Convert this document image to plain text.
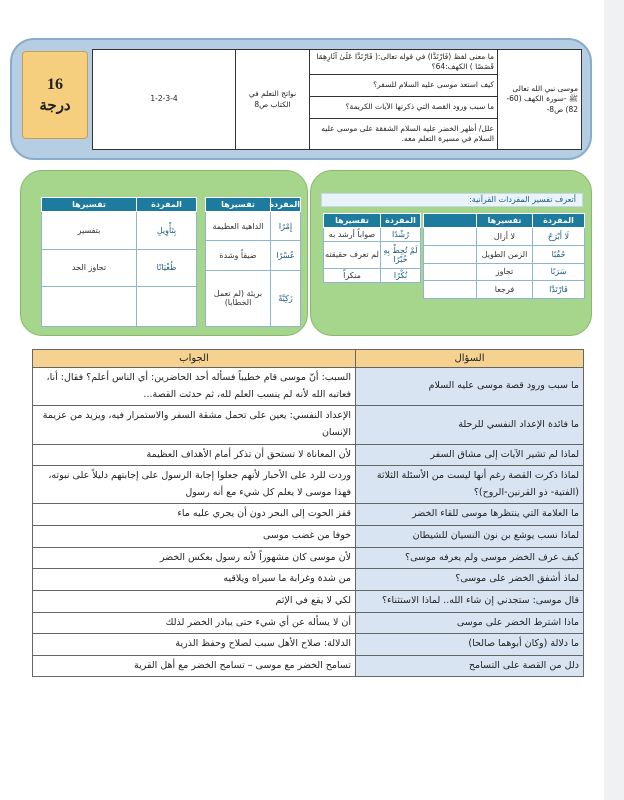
16
درجة
موسى نبي الله تعالى ﷺ -سورة الكهف (60-82) ص8-	ما معنى لفظ (فَارْتَدَّا) في قوله تعالى:( فَارْتَدَّا عَلَىٰ آثَارِهِمَا قَصَصًا ) الكهف:64؟	نواتج التعلم في الكتاب ص8	1-2-3-4
كيف استعد موسى عليه السلام للسفر؟
ما سبب ورود القصة التي ذكرتها الآيات الكريمة؟
علل/ أظهر الخضر عليه السلام الشفقة على موسى عليه السلام في مسيرة التعلم معه.
المفردة	تفسيرها
إِمْرًا	الداهية العظيمة
عُسْرًا	ضيقاً وشدة
زَكِيَّةً	بريئة (لم تعمل الخطايا)
المفردة	تفسيرها
بِتَأْوِيلِ	بتفسير
طُغْيَانًا	تجاوز الحد

أتعرف تفسير المفردات القرآنية:
المفردة	تفسيرها	
لَا أَبْرَحُ	لا أزال	
حُقُبًا	الزمن الطويل	
سَرَبًا	تجاوز	
فَارْتَدَّا	فرجعا	
المفردة	تفسيرها
رُشْدًا	صواباً أرشد به
لَمْ تُحِطْ بِهِ خُبْرًا	لم تعرف حقيقته
نُكْرًا	منكراً
السؤال	الجواب
ما سبب ورود قصة موسى عليه السلام	السبب: أنّ موسى قام خطيباً فسأله أحد الحاضرين: أي الناس أعلم؟ فقال: أنا، فعاتبه الله لأنه لم ينسب العلم لله، ثم حدثت القصة...
ما فائدة الإعداد النفسي للرحلة	الإعداد النفسي: يعين على تحمل مشقة السفر والاستمرار فيه، ويزيد من عزيمة الإنسان
لماذا لم تشير الآيات إلى مشاق السفر	لأن المعاناة لا تستحق أن تذكر أمام الأهداف العظيمة
لماذا ذكرت القصة رغم أنها ليست من الأسئلة الثلاثة (الفتية- ذو القرنين-الروح)؟	وردت للرد على الأحبار لأنهم جعلوا إجابة الرسول على إجابتهم دليلاً على نبوته، فهذا موسى لا يعلم كل شيء مع أنه رسول
ما العلامة التي ينتظرها موسى للقاء الخضر	قفز الحوت إلى البحر دون أن يجري عليه ماء
لماذا نسب يوشع بن نون النسيان للشيطان	خوفا من غضب موسى
كيف عرف الخضر موسى ولم يعرفه موسى؟	لأن موسى كان مشهوراً لأنه رسول بعكس الخضر
لماذ أشفق الخضر على موسى؟	من شدة وغرابة ما سيراه ويلاقيه
قال موسى: ستجدني إن شاء الله.. لماذا الاستثناء؟	لكي لا يقع في الإثم
ماذا اشترط الخضر على موسى	أن لا يسأله عن أي شيء حتى يبادر الخضر لذلك
ما دلالة (وكان أبوهما صالحا)	الدلالة: صلاح الأهل سبب لصلاح وحفظ الذرية
دلل من القصة على التسامح	تسامح الخضر مع موسى – تسامح الخضر مع أهل القرية
